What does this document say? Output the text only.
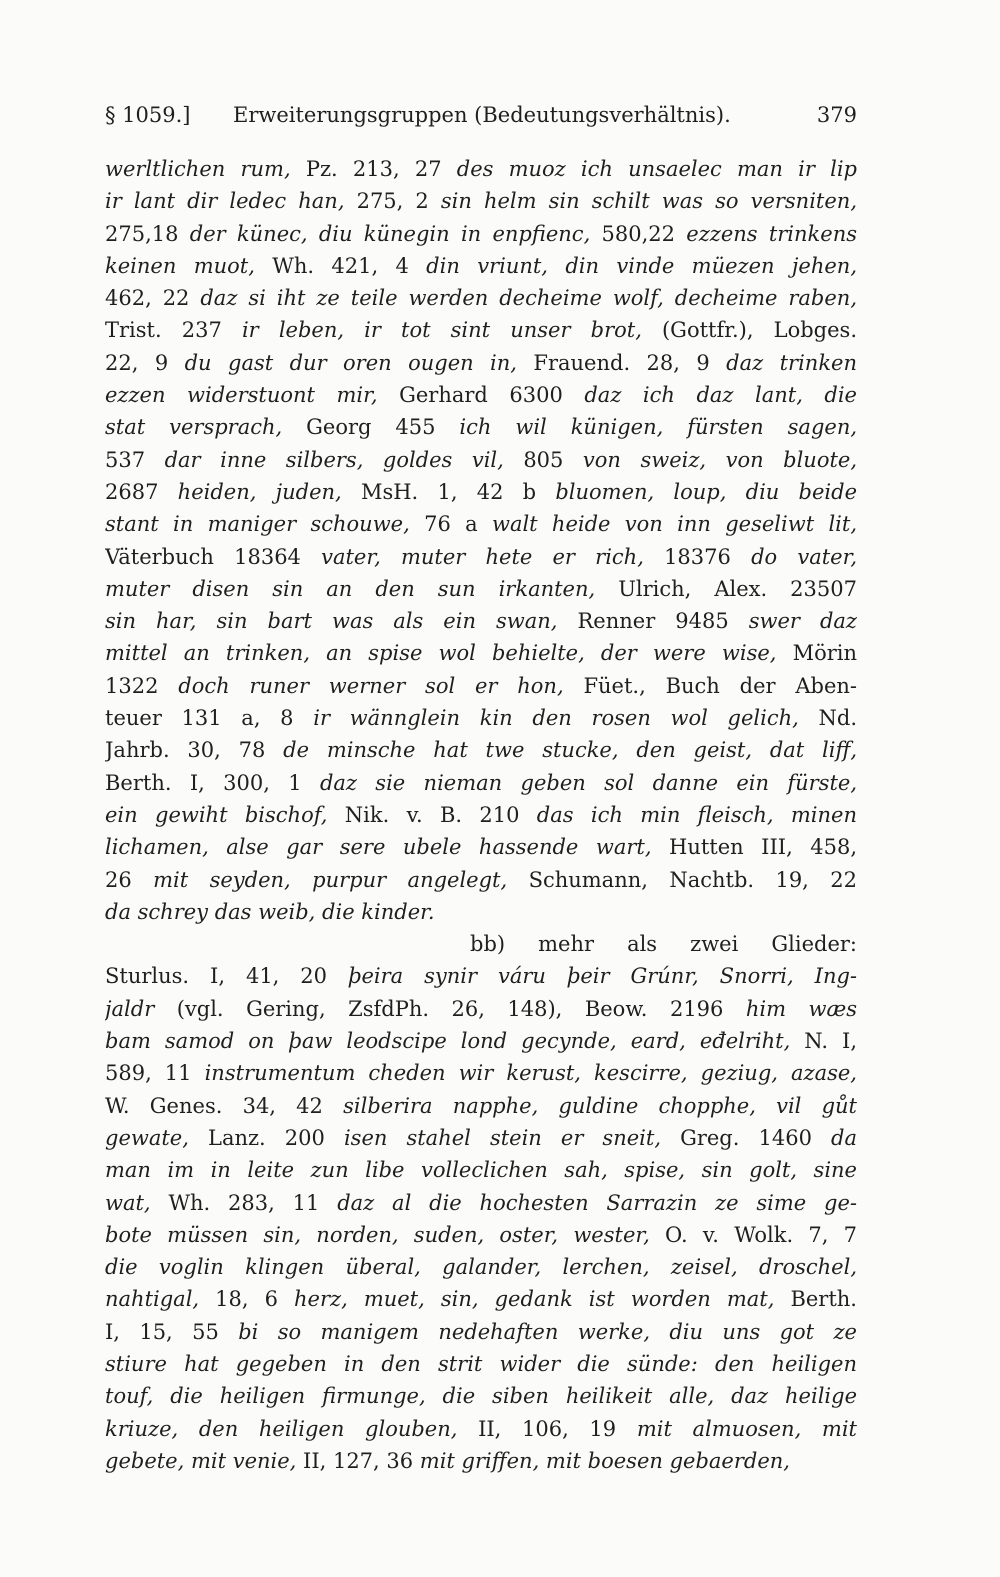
§ 1059.] Erweiterungsgruppen (Bedeutungsverhältnis).	379
werltlichen rum, Pz. 213, 27 des muoz ich unsaelec man ir lip
ir lant dir ledec han, 275, 2 sin helm sin schilt was so versniten,
275,18 der künec, diu künegin in enpfienc, 580,22 ezzens trinkens
keinen muot, Wh. 421, 4 din vriunt, din vinde müezen jehen,
462, 22 daz si iht ze teile werden decheime wolf, decheime raben,
Trist. 237 ir leben, ir tot sint unser brot, (Gottfr.), Lobges.
22, 9 du gast dur oren ougen in, Frauend. 28, 9 daz trinken
ezzen widerstuont mir, Gerhard 6300 daz ich daz lant, die
stat versprach, Georg 455 ich wil künigen, fürsten sagen,
537 dar inne silbers, goldes vil, 805 von sweiz, von bluote,
2687 heiden, juden, MsH. 1, 42 b bluomen, loup, diu beide
stant in maniger schouwe, 76 a walt heide von inn geseliwt lit,
Väterbuch 18364 vater, muter hete er rich, 18376 do vater,
muter disen sin an den sun irkanten, Ulrich, Alex. 23507
sin har, sin bart was als ein swan, Renner 9485 swer daz
mittel an trinken, an spise wol behielte, der were wise, Mörin
1322 doch runer werner sol er hon, Füet., Buch der Aben-
teuer 131 a, 8 ir wännglein kin den rosen wol gelich, Nd.
Jahrb. 30, 78 de minsche hat twe stucke, den geist, dat liff,
Berth. I, 300, 1 daz sie nieman geben sol danne ein fürste,
ein gewiht bischof, Nik. v. B. 210 das ich min fleisch, minen
lichamen, alse gar sere ubele hassende wart, Hutten III, 458,
26 mit seyden, purpur angelegt, Schumann, Nachtb. 19, 22
da schrey das weib, die kinder.
bb) mehr als zwei Glieder:
Sturlus. I, 41, 20 þeira synir váru þeir Grúnr, Snorri, Ing-
jaldr (vgl. Gering, ZsfdPh. 26, 148), Beow. 2196 him wæs
bam samod on þaw leodscipe lond gecynde, eard, eđelriht, N. I,
589, 11 instrumentum cheden wir kerust, kescirre, geziug, azase,
W. Genes. 34, 42 silberira napphe, guldine chopphe, vil gůt
gewate, Lanz. 200 isen stahel stein er sneit, Greg. 1460 da
man im in leite zun libe volleclichen sah, spise, sin golt, sine
wat, Wh. 283, 11 daz al die hochesten Sarrazin ze sime ge-
bote müssen sin, norden, suden, oster, wester, O. v. Wolk. 7, 7
die voglin klingen überal, galander, lerchen, zeisel, droschel,
nahtigal, 18, 6 herz, muet, sin, gedank ist worden mat, Berth.
I, 15, 55 bi so manigem nedehaften werke, diu uns got ze
stiure hat gegeben in den strit wider die sünde: den heiligen
touf, die heiligen firmunge, die siben heilikeit alle, daz heilige
kriuze, den heiligen glouben, II, 106, 19 mit almuosen, mit
gebete, mit venie, II, 127, 36 mit griffen, mit boesen gebaerden,
